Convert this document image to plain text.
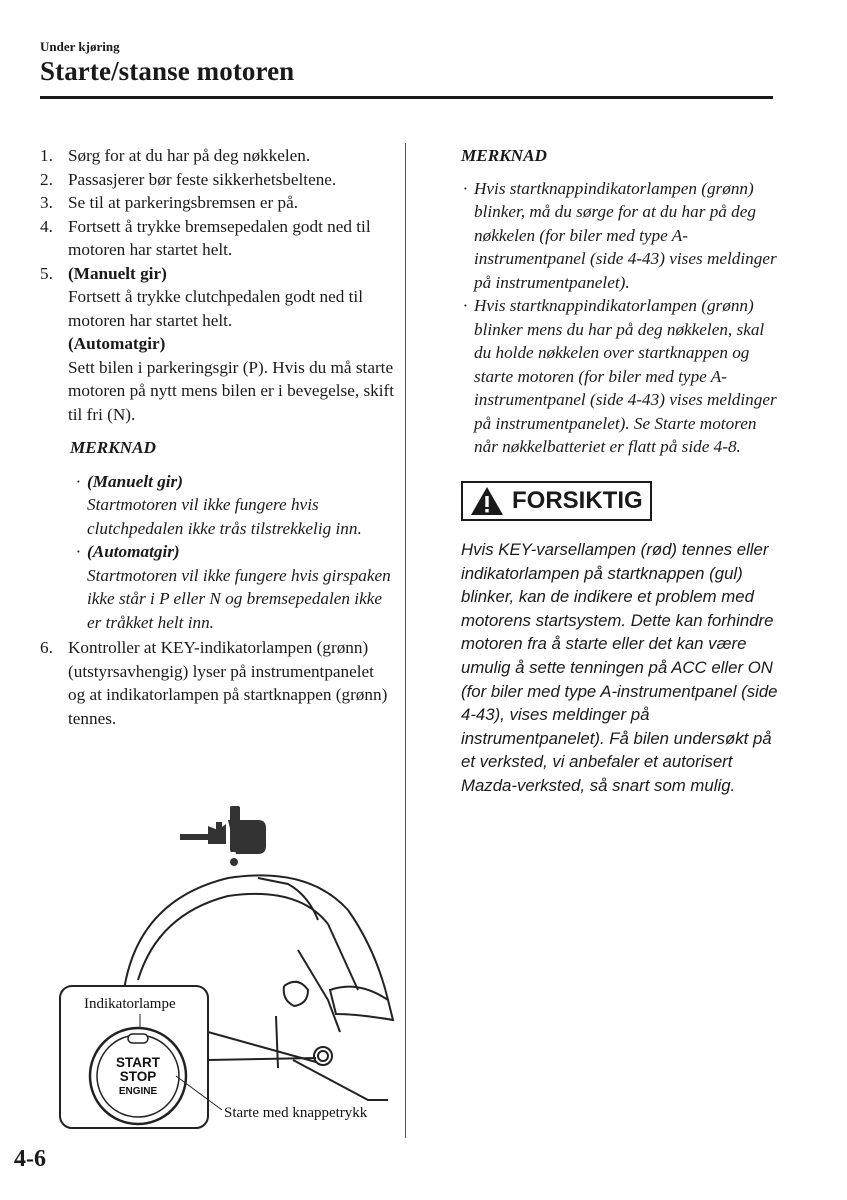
Under kjøring
Starte/stanse motoren
1. Sørg for at du har på deg nøkkelen.
2. Passasjerer bør feste sikkerhetsbeltene.
3. Se til at parkeringsbremsen er på.
4. Fortsett å trykke bremsepedalen godt ned til motoren har startet helt.
5. (Manuelt gir)
Fortsett å trykke clutchpedalen godt ned til motoren har startet helt.
(Automatgir)
Sett bilen i parkeringsgir (P). Hvis du må starte motoren på nytt mens bilen er i bevegelse, skift til fri (N).
MERKNAD
· (Manuelt gir)
Startmotoren vil ikke fungere hvis clutchpedalen ikke trås tilstrekkelig inn.
· (Automatgir)
Startmotoren vil ikke fungere hvis girspaken ikke står i P eller N og bremsepedalen ikke er tråkket helt inn.
6. Kontroller at KEY-indikatorlampen (grønn) (utstyrsavhengig) lyser på instrumentpanelet og at indikatorlampen på startknappen (grønn) tennes.
MERKNAD
· Hvis startknappindikatorlampen (grønn) blinker, må du sørge for at du har på deg nøkkelen (for biler med type A-instrumentpanel (side 4-43) vises meldinger på instrumentpanelet).
· Hvis startknappindikatorlampen (grønn) blinker mens du har på deg nøkkelen, skal du holde nøkkelen over startknappen og starte motoren (for biler med type A-instrumentpanel (side 4-43) vises meldinger på instrumentpanelet). Se Starte motoren når nøkkelbatteriet er flatt på side 4-8.
FORSIKTIG
Hvis KEY-varsellampen (rød) tennes eller indikatorlampen på startknappen (gul) blinker, kan de indikere et problem med motorens startsystem. Dette kan forhindre motoren fra å starte eller det kan være umulig å sette tenningen på ACC eller ON (for biler med type A-instrumentpanel (side 4-43), vises meldinger på instrumentpanelet). Få bilen undersøkt på et verksted, vi anbefaler et autorisert Mazda-verksted, så snart som mulig.
Indikatorlampe
START
STOP
ENGINE
Starte med knappetrykk
4-6
